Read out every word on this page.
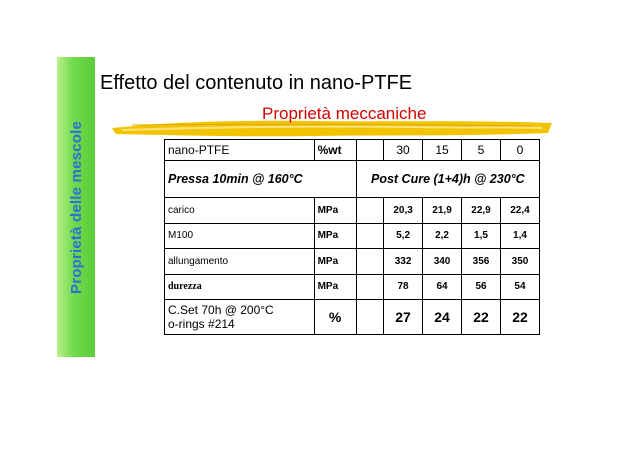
Proprietà delle mescole
Effetto del contenuto in nano-PTFE
Proprietà meccaniche
nano-PTFE	%wt		30	15	5	0
Pressa 10min @ 160°C		Post Cure (1+4)h @ 230°C				
carico	MPa		20,3	21,9	22,9	22,4
M100	MPa		5,2	2,2	1,5	1,4
allungamento	MPa		332	340	356	350
durezza	MPa		78	64	56	54

C.Set 70h @ 200°C
o-rings #214	%		27	24	22	22
